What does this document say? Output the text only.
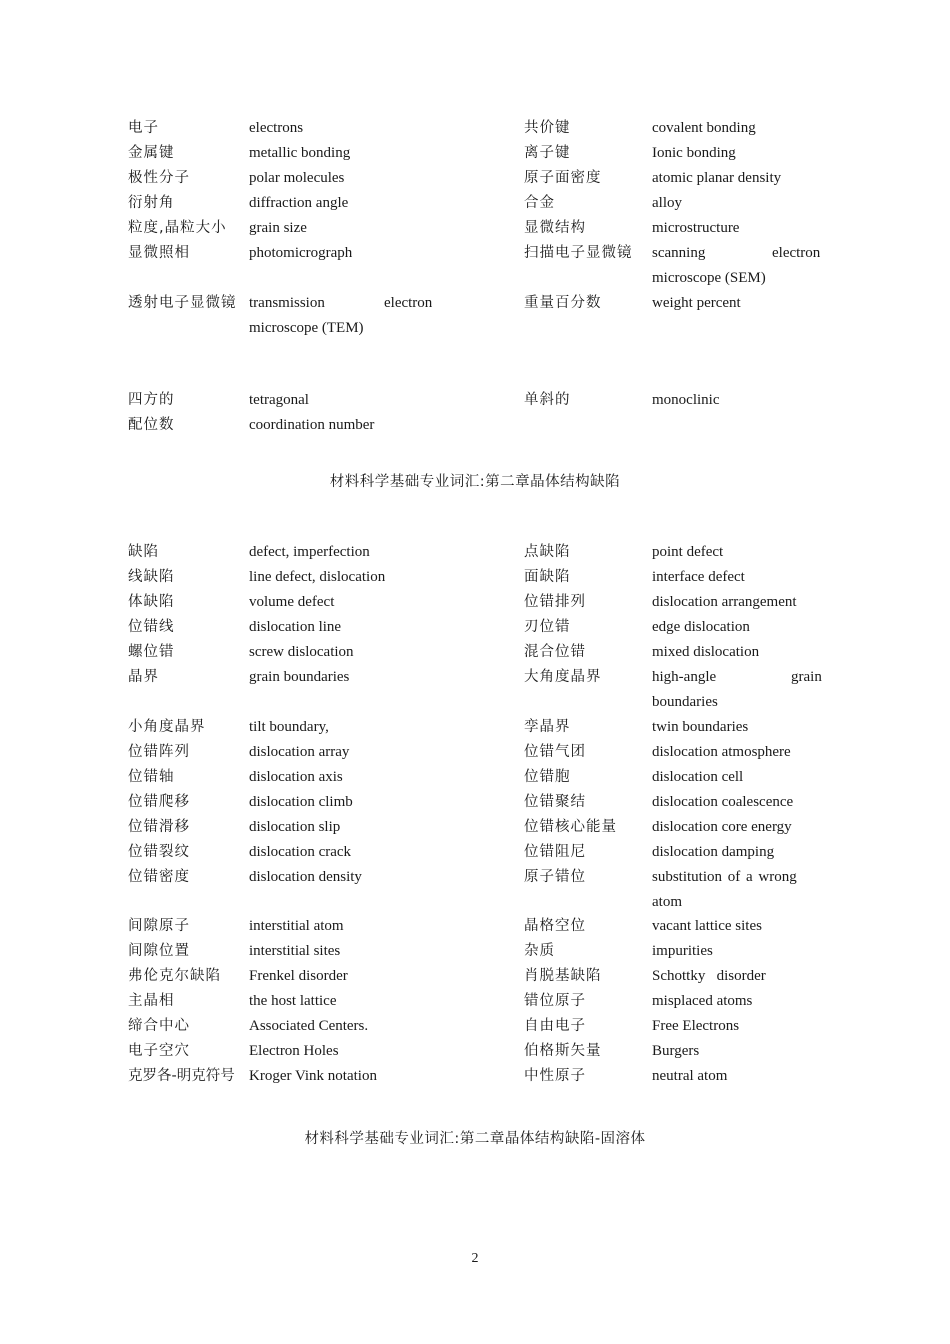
电子	electrons	共价键	covalent bonding
金属键	metallic bonding	离子键	Ionic bonding
极性分子	polar molecules	原子面密度	atomic planar density
衍射角	diffraction angle	合金	alloy
粒度,晶粒大小 grain size	显微结构	microstructure
显微照相	photomicrograph	扫描电子显微镜 scanning	electron
microscope (SEM)
透射电子显微镜 transmission	electron	重量百分数	weight percent
microscope (TEM)
四方的	tetragonal	单斜的	monoclinic
配位数	coordination number
材料科学基础专业词汇:第二章晶体结构缺陷
缺陷	defect, imperfection	点缺陷	point defect
线缺陷	line defect, dislocation	面缺陷	interface defect
体缺陷	volume defect	位错排列	dislocation arrangement
位错线	dislocation line	刃位错	edge dislocation
螺位错	screw dislocation	混合位错	mixed dislocation
晶界	grain boundaries	大角度晶界	high-angle	grain
boundaries
小角度晶界	tilt boundary,	孪晶界	twin boundaries
位错阵列	dislocation array	位错气团	dislocation atmosphere
位错轴	dislocation axis	位错胞	dislocation cell
位错爬移	dislocation climb	位错聚结	dislocation coalescence
位错滑移	dislocation slip	位错核心能量 dislocation core energy
位错裂纹	dislocation crack	位错阻尼	dislocation damping
位错密度	dislocation density	原子错位	substitution of a wrong
atom
间隙原子	interstitial atom	晶格空位	vacant lattice sites
间隙位置	interstitial sites	杂质	impurities
弗伦克尔缺陷 Frenkel disorder	肖脱基缺陷	Schottky   disorder
主晶相	the host lattice	错位原子	misplaced atoms
缔合中心	Associated Centers.	自由电子	Free Electrons
电子空穴	Electron Holes	伯格斯矢量	Burgers
克罗各-明克符号 Kroger Vink notation	中性原子	neutral atom
材料科学基础专业词汇:第二章晶体结构缺陷-固溶体
2
